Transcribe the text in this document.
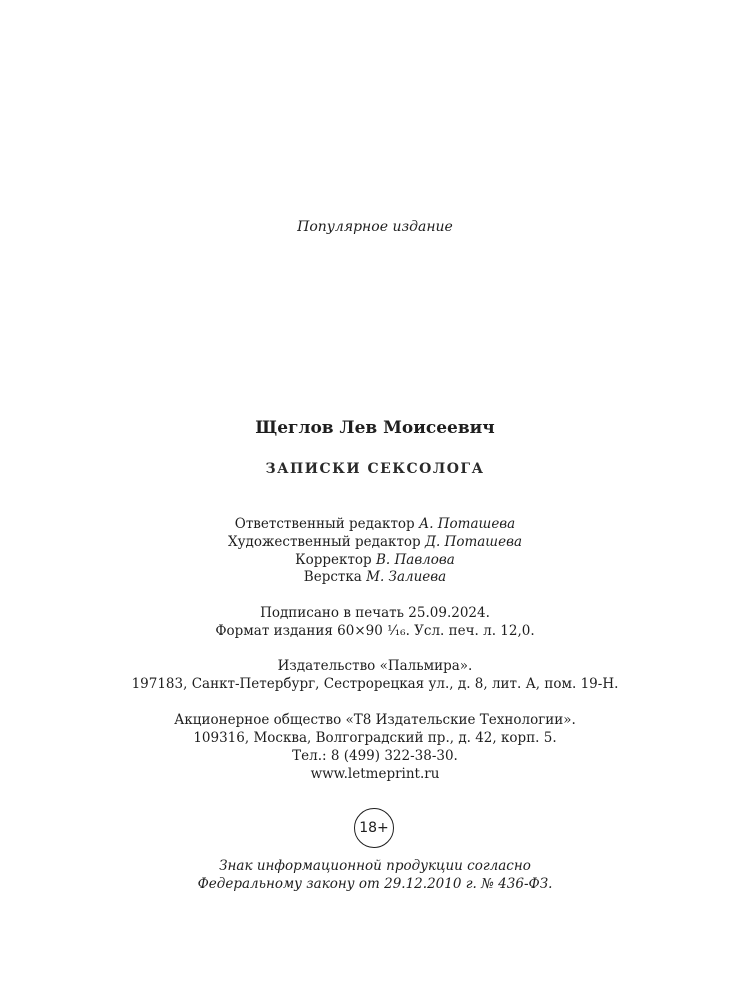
Популярное издание
Щеглов Лев Моисеевич
ЗАПИСКИ СЕКСОЛОГА
Ответственный редактор А. Поташева
Художественный редактор Д. Поташева
Корректор В. Павлова
Верстка М. Залиева
Подписано в печать 25.09.2024.
Формат издания 60×90 ¹⁄₁₆. Усл. печ. л. 12,0.
Издательство «Пальмира».
197183, Санкт-Петербург, Сестрорецкая ул., д. 8, лит. А, пом. 19-Н.
Акционерное общество «Т8 Издательские Технологии».
109316, Москва, Волгоградский пр., д. 42, корп. 5.
Тел.: 8 (499) 322-38-30.
www.letmeprint.ru
18+
Знак информационной продукции согласно
Федеральному закону от 29.12.2010 г. № 436-ФЗ.
